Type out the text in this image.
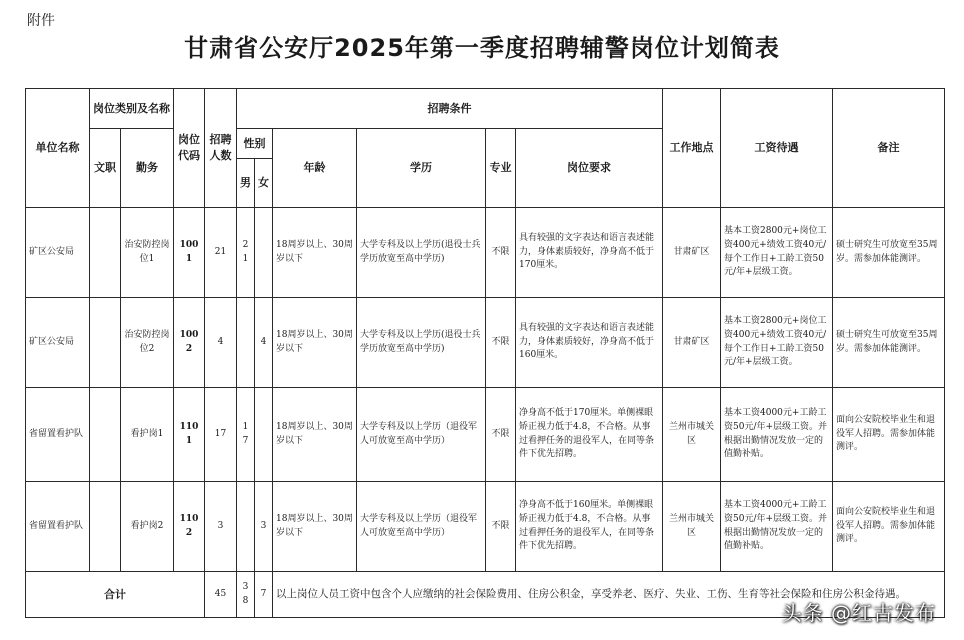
附件
甘肃省公安厅2025年第一季度招聘辅警岗位计划简表
单位名称	岗位类别及名称		岗位代码	招聘人数	招聘条件						工作地点	工资待遇	备注
	文职	勤务			性别		年龄	学历	专业	岗位要求			
					男	女							
矿区公安局		治安防控岗位1	1001	21	21		18周岁以上、30周岁以下	大学专科及以上学历(退役士兵学历放宽至高中学历)	不限	具有较强的文字表达和语言表述能力，身体素质较好，净身高不低于170厘米。	甘肃矿区	基本工资2800元+岗位工资400元+绩效工资40元/每个工作日+工龄工资50元/年+层级工资。	硕士研究生可放宽至35周岁。需参加体能测评。
矿区公安局		治安防控岗位2	1002	4		4	18周岁以上、30周岁以下	大学专科及以上学历(退役士兵学历放宽至高中学历)	不限	具有较强的文字表达和语言表述能力，身体素质较好，净身高不低于160厘米。	甘肃矿区	基本工资2800元+岗位工资400元+绩效工资40元/每个工作日+工龄工资50元/年+层级工资。	硕士研究生可放宽至35周岁。需参加体能测评。
省留置看护队		看护岗1	1101	17	17		18周岁以上、30周岁以下	大学专科及以上学历（退役军人可放宽至高中学历）	不限	净身高不低于170厘米。单侧裸眼矫正视力低于4.8，不合格。从事过看押任务的退役军人，在同等条件下优先招聘。	兰州市城关区	基本工资4000元+工龄工资50元/年+层级工资。并根据出勤情况发放一定的值勤补贴。	面向公安院校毕业生和退役军人招聘。需参加体能测评。
省留置看护队		看护岗2	1102	3		3	18周岁以上、30周岁以下	大学专科及以上学历（退役军人可放宽至高中学历）	不限	净身高不低于160厘米。单侧裸眼矫正视力低于4.8，不合格。从事过看押任务的退役军人，在同等条件下优先招聘。	兰州市城关区	基本工资4000元+工龄工资50元/年+层级工资。并根据出勤情况发放一定的值勤补贴。	面向公安院校毕业生和退役军人招聘。需参加体能测评。
合计				45	38	7	以上岗位人员工资中包含个人应缴纳的社会保险费用、住房公积金，享受养老、医疗、失业、工伤、生育等社会保险和住房公积金待遇。						
头条 @红古发布
